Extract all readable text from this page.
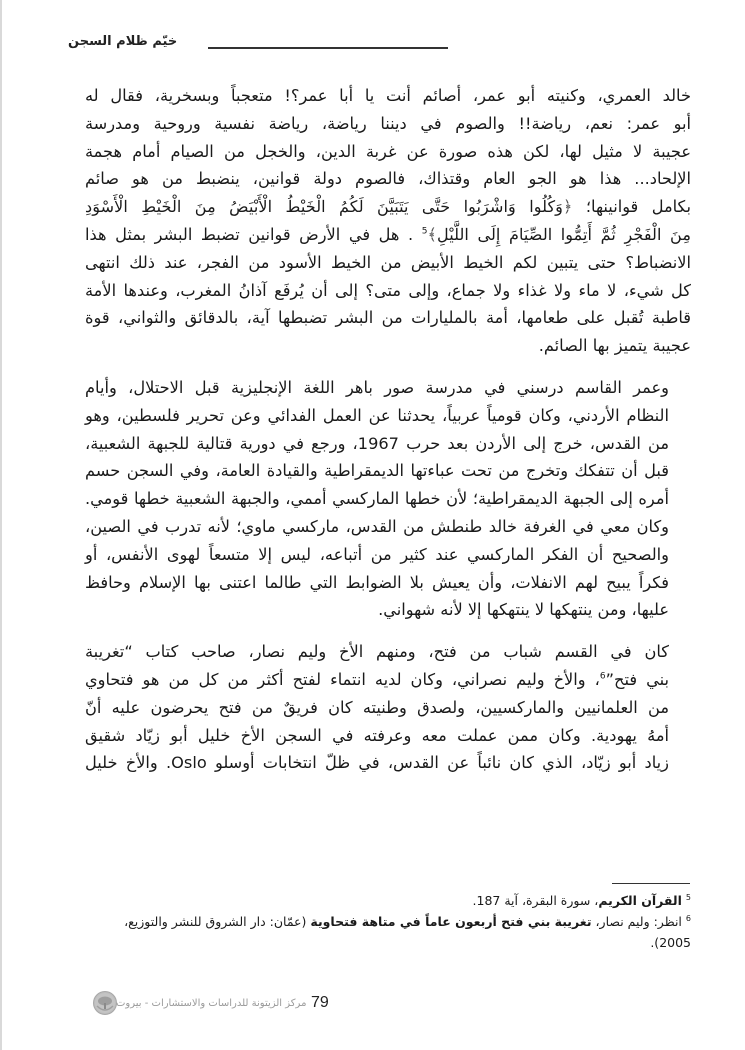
خيّم ظلام السجن

خالد العمري، وكنيته أبو عمر، أصائم أنت يا أبا عمر؟! متعجباً وبسخرية، فقال له
أبو عمر: نعم، رياضة!! والصوم في ديننا رياضة، رياضة نفسية وروحية ومدرسة
عجيبة لا مثيل لها، لكن هذه صورة عن غربة الدين، والخجل من الصيام أمام هجمة
الإلحاد... هذا هو الجو العام وقتذاك، فالصوم دولة قوانين، ينضبط من هو صائم
بكامل قوانينها؛ ﴿وَكُلُوا وَاشْرَبُوا حَتَّى يَتَبَيَّنَ لَكُمُ الْخَيْطُ الْأَبْيَضُ مِنَ الْخَيْطِ الْأَسْوَدِ
مِنَ الْفَجْرِ ثُمَّ أَتِمُّوا الصِّيَامَ إِلَى اللَّيْلِ﴾$^5$ . هل في الأرض قوانين تضبط البشر بمثل هذا
الانضباط؟ حتى يتبين لكم الخيط الأبيض من الخيط الأسود من الفجر، عند ذلك انتهى
كل شيء، لا ماء ولا غذاء ولا جماع، وإلى متى؟ إلى أن يُرفَع آذانُ المغرب، وعندها الأمة
قاطبة تُقبل على طعامها، أمة بالمليارات من البشر تضبطها آية، بالدقائق والثواني، قوة
عجيبة يتميز بها الصائم.

وعمر القاسم درسني في مدرسة صور باهر اللغة الإنجليزية قبل الاحتلال، وأيام
النظام الأردني، وكان قومياً عربياً، يحدثنا عن العمل الفدائي وعن تحرير فلسطين، وهو
من القدس، خرج إلى الأردن بعد حرب 1967، ورجع في دورية قتالية للجبهة الشعبية،
قبل أن تتفكك وتخرج من تحت عباءتها الديمقراطية والقيادة العامة، وفي السجن حسم
أمره إلى الجبهة الديمقراطية؛ لأن خطها الماركسي أممي، والجبهة الشعبية خطها قومي.
وكان معي في الغرفة خالد طنطش من القدس، ماركسي ماوي؛ لأنه تدرب في الصين،
والصحيح أن الفكر الماركسي عند كثير من أتباعه، ليس إلا متسعاً لهوى الأنفس، أو
فكراً يبيح لهم الانفلات، وأن يعيش بلا الضوابط التي طالما اعتنى بها الإسلام وحافظ
عليها، ومن ينتهكها لا ينتهكها إلا لأنه شهواني.

كان في القسم شباب من فتح، ومنهم الأخ وليم نصار، صاحب كتاب “تغريبة
بني فتح”$^6$، والأخ وليم نصراني، وكان لديه انتماء لفتح أكثر من كل من هو فتحاوي
من العلمانيين والماركسيين، ولصدق وطنيته كان فريقٌ من فتح يحرضون عليه أنّ
أمهُ يهودية. وكان ممن عملت معه وعرفته في السجن الأخ خليل أبو زيّاد شقيق
زياد أبو زيّاد، الذي كان نائباً عن القدس، في ظلّ انتخابات أوسلو Oslo. والأخ خليل

$^5$القرآن الكريم، سورة البقرة، آية 187.

$^6$انظر: وليم نصار، تغريبة بني فتح أربعون عاماً في متاهة فتحاوية (عمّان: دار الشروق للنشر والتوزيع، 2005).

مركز الزيتونة للدراسات والاستشارات - بيروت 79
